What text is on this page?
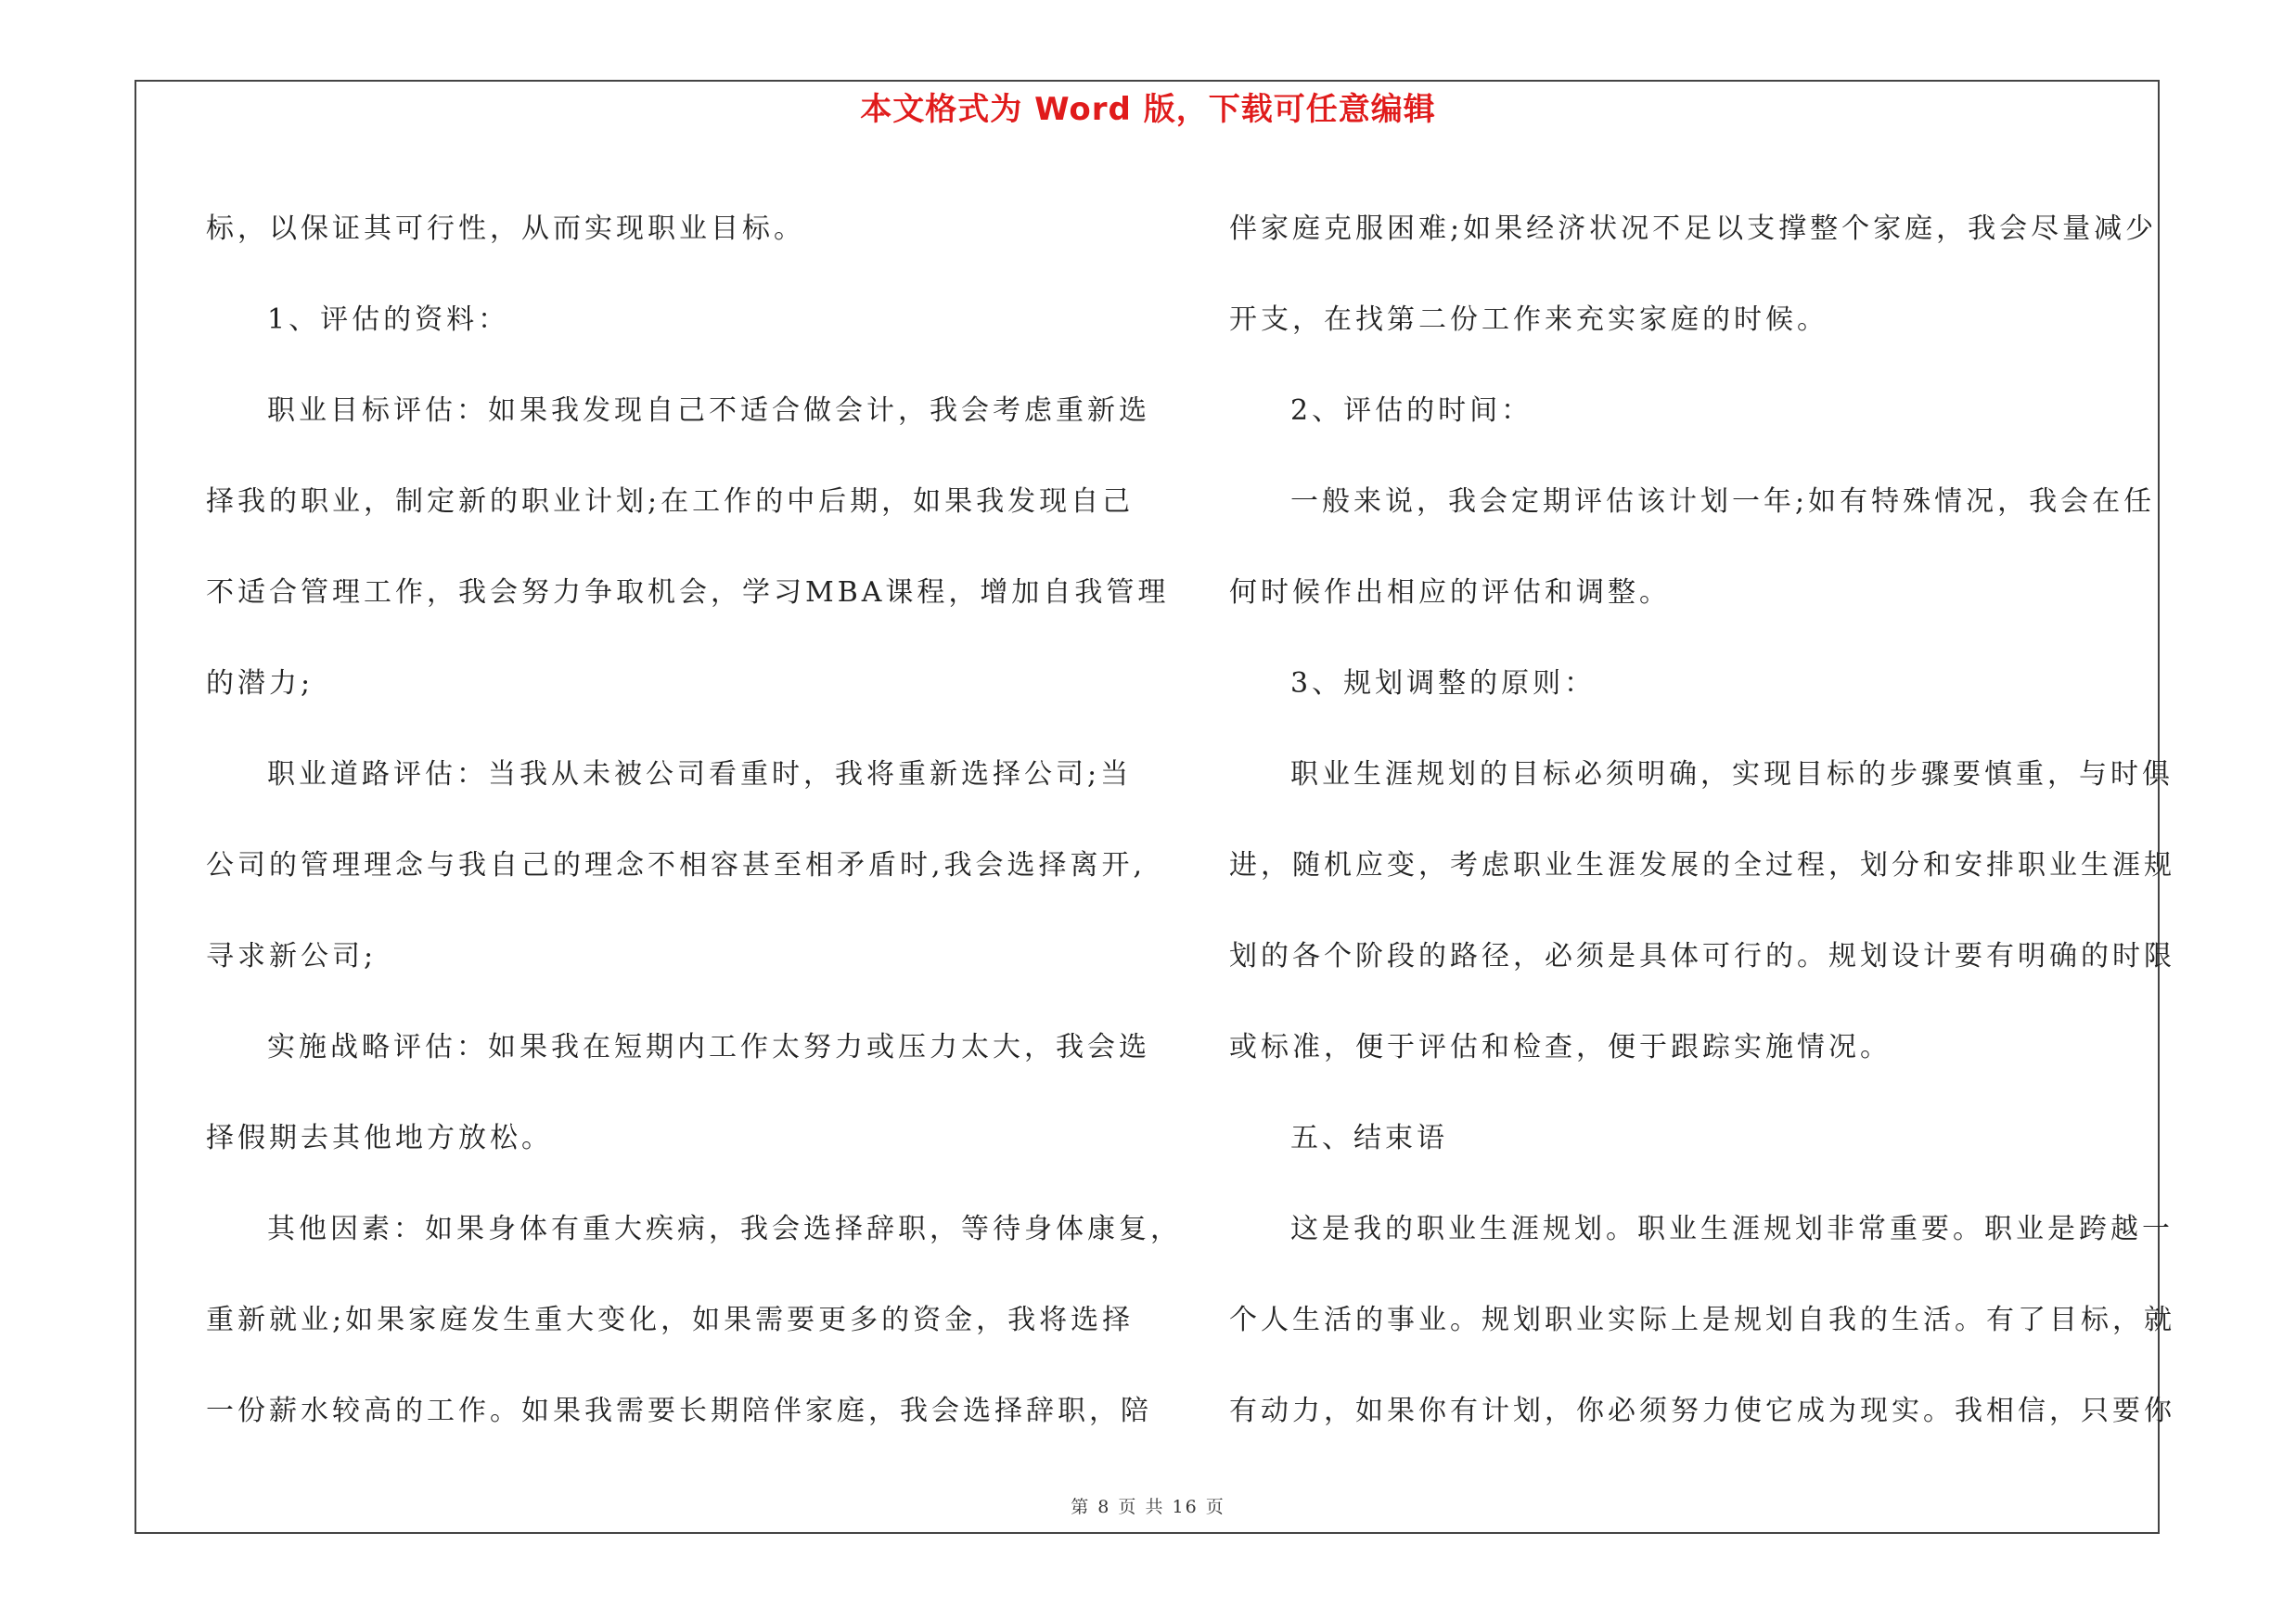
本文格式为 Word 版，下载可任意编辑

标，以保证其可行性，从而实现职业目标。

1、评估的资料：

职业目标评估：如果我发现自己不适合做会计，我会考虑重新选

择我的职业，制定新的职业计划;在工作的中后期，如果我发现自己

不适合管理工作，我会努力争取机会，学习MBA课程，增加自我管理

的潜力;

职业道路评估：当我从未被公司看重时，我将重新选择公司;当

公司的管理理念与我自己的理念不相容甚至相矛盾时,我会选择离开,

寻求新公司;

实施战略评估：如果我在短期内工作太努力或压力太大，我会选

择假期去其他地方放松。

其他因素：如果身体有重大疾病，我会选择辞职，等待身体康复，

重新就业;如果家庭发生重大变化，如果需要更多的资金，我将选择

一份薪水较高的工作。如果我需要长期陪伴家庭，我会选择辞职，陪

伴家庭克服困难;如果经济状况不足以支撑整个家庭，我会尽量减少

开支，在找第二份工作来充实家庭的时候。

2、评估的时间：

一般来说，我会定期评估该计划一年;如有特殊情况，我会在任

何时候作出相应的评估和调整。

3、规划调整的原则：

职业生涯规划的目标必须明确，实现目标的步骤要慎重，与时俱

进，随机应变，考虑职业生涯发展的全过程，划分和安排职业生涯规

划的各个阶段的路径，必须是具体可行的。规划设计要有明确的时限

或标准，便于评估和检查，便于跟踪实施情况。

五、结束语

这是我的职业生涯规划。职业生涯规划非常重要。职业是跨越一

个人生活的事业。规划职业实际上是规划自我的生活。有了目标，就

有动力，如果你有计划，你必须努力使它成为现实。我相信，只要你

第 8 页 共 16 页
